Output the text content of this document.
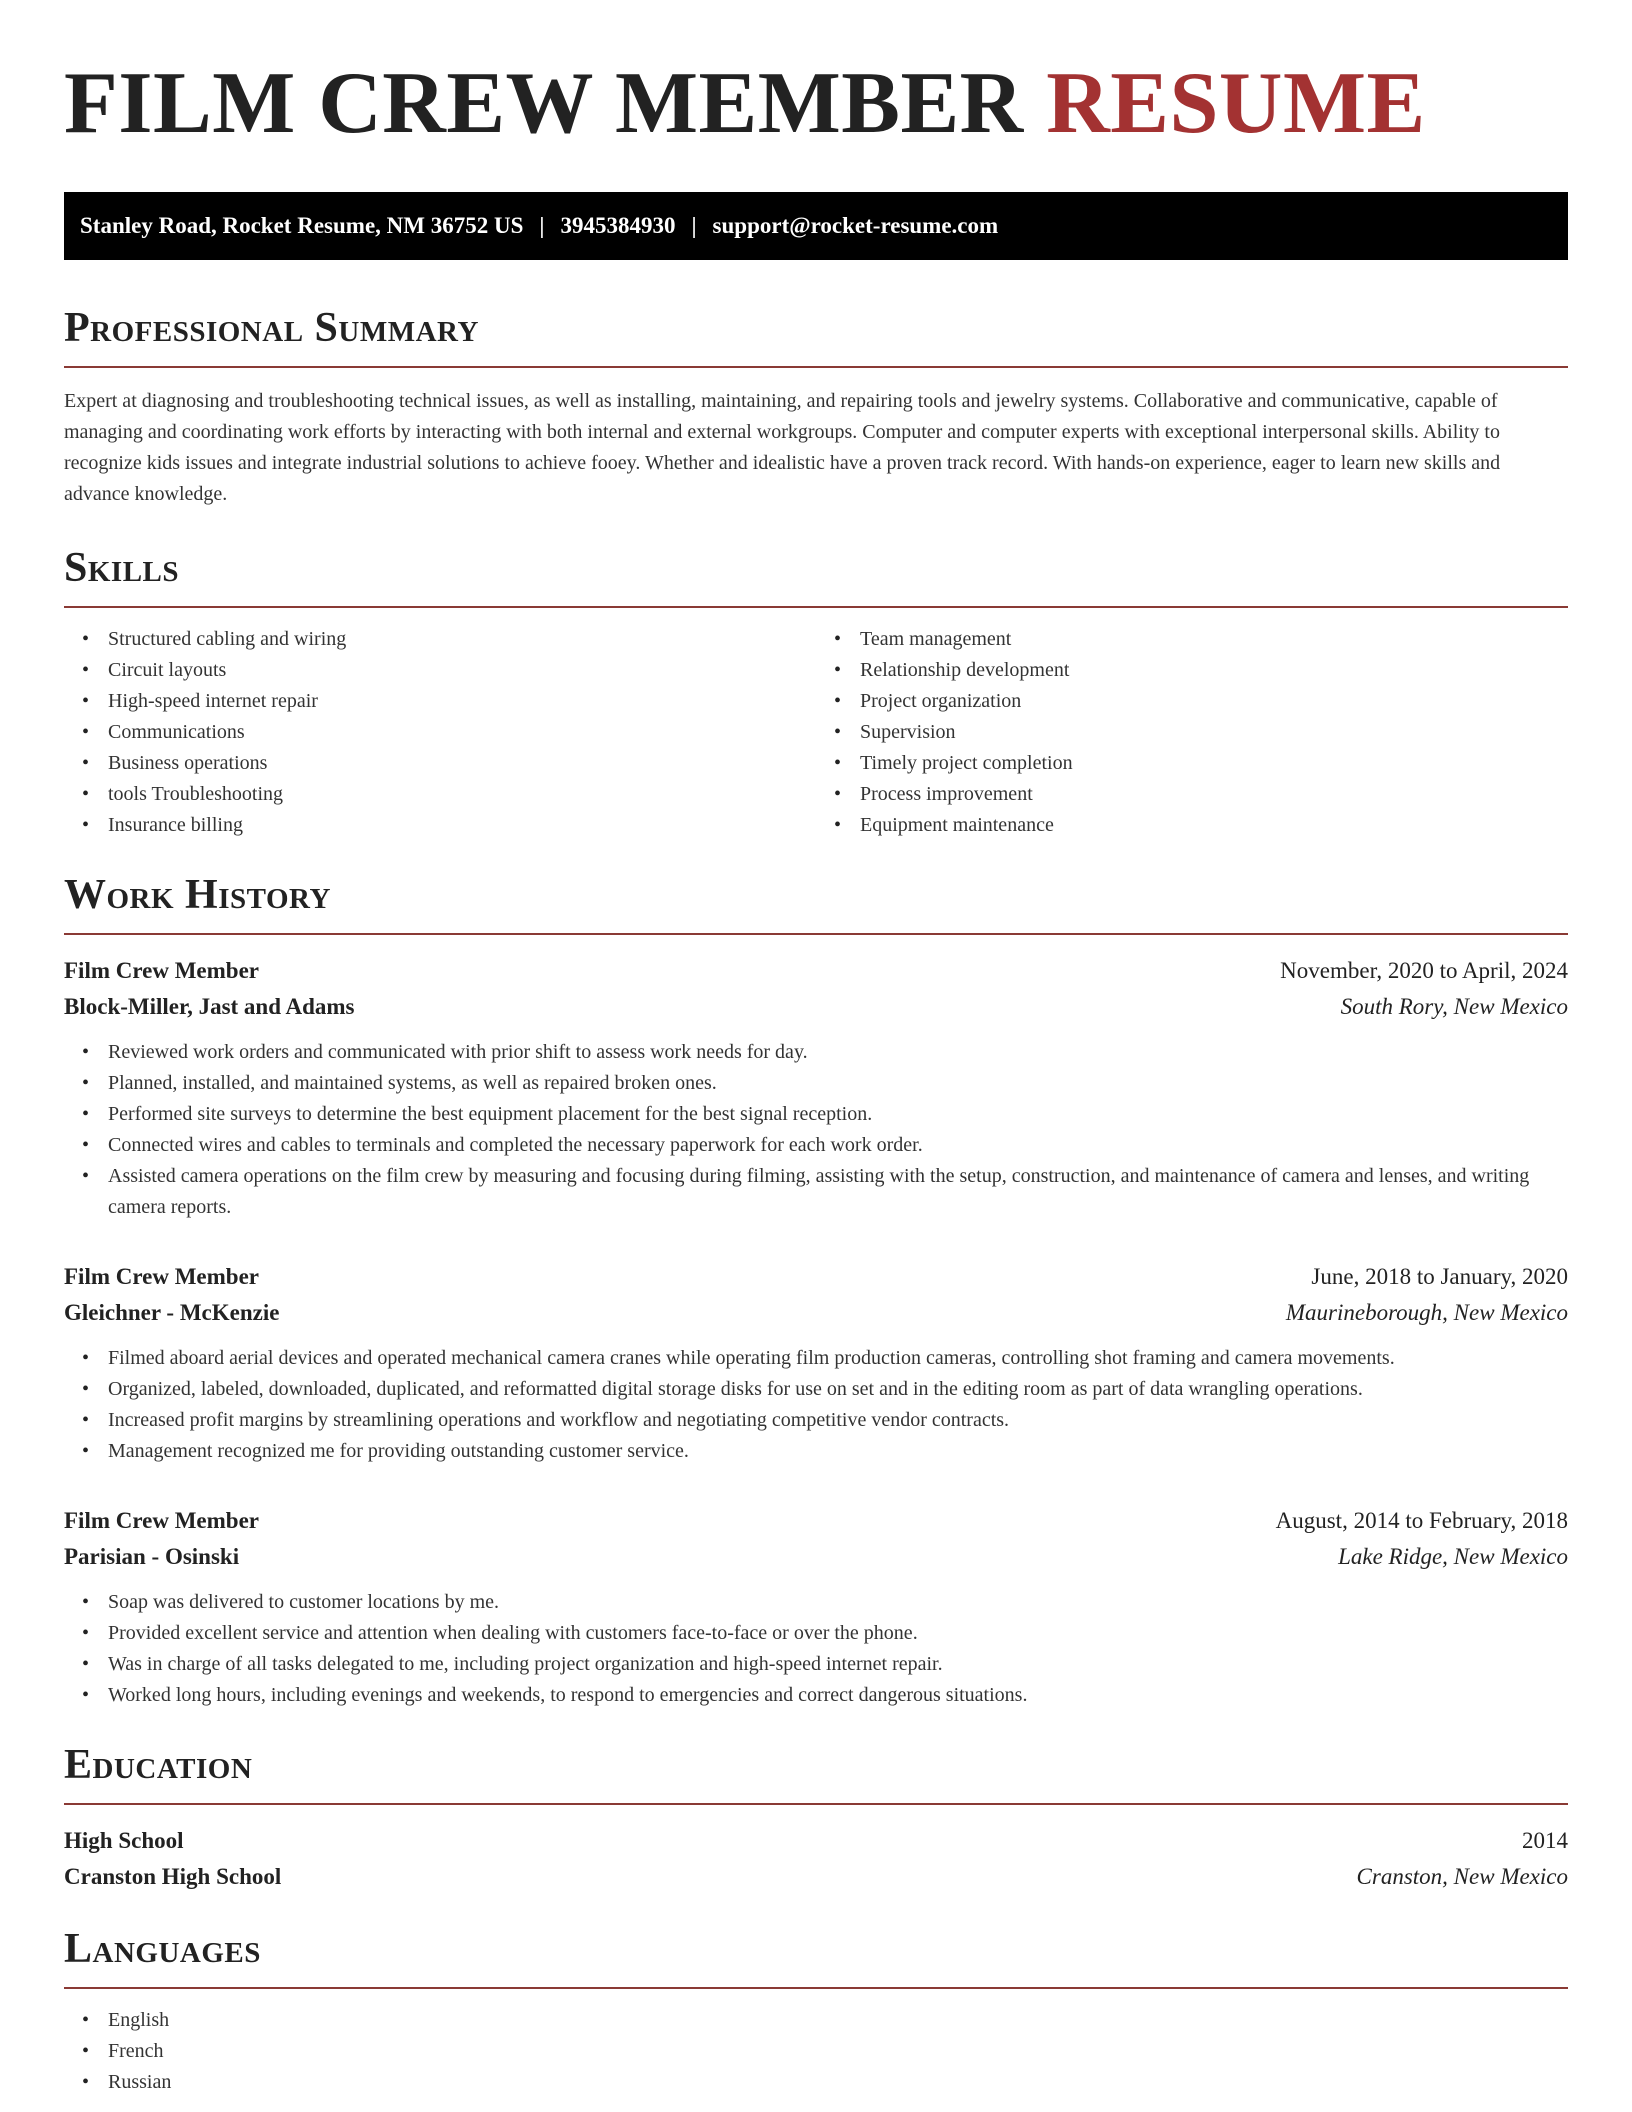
FILM CREW MEMBER RESUME
Stanley Road, Rocket Resume, NM 36752 US | 3945384930 | support@rocket-resume.com
Professional Summary

Expert at diagnosing and troubleshooting technical issues, as well as installing, maintaining, and repairing tools and jewelry systems. Collaborative and communicative, capable of managing and coordinating work efforts by interacting with both internal and external workgroups. Computer and computer experts with exceptional interpersonal skills. Ability to recognize kids issues and integrate industrial solutions to achieve fooey. Whether and idealistic have a proven track record. With hands-on experience, eager to learn new skills and advance knowledge.

Skills
• Structured cabling and wiring
• Circuit layouts
• High-speed internet repair
• Communications
• Business operations
• tools Troubleshooting
• Insurance billing
• Team management
• Relationship development
• Project organization
• Supervision
• Timely project completion
• Process improvement
• Equipment maintenance
Work History
Film Crew Member	November, 2020 to April, 2024
Block-Miller, Jast and Adams	South Rory, New Mexico
• Reviewed work orders and communicated with prior shift to assess work needs for day.
• Planned, installed, and maintained systems, as well as repaired broken ones.
• Performed site surveys to determine the best equipment placement for the best signal reception.
• Connected wires and cables to terminals and completed the necessary paperwork for each work order.
• Assisted camera operations on the film crew by measuring and focusing during filming, assisting with the setup, construction, and maintenance of camera and lenses, and writing camera reports.
Film Crew Member	June, 2018 to January, 2020
Gleichner - McKenzie	Maurineborough, New Mexico
• Filmed aboard aerial devices and operated mechanical camera cranes while operating film production cameras, controlling shot framing and camera movements.
• Organized, labeled, downloaded, duplicated, and reformatted digital storage disks for use on set and in the editing room as part of data wrangling operations.
• Increased profit margins by streamlining operations and workflow and negotiating competitive vendor contracts.
• Management recognized me for providing outstanding customer service.
Film Crew Member	August, 2014 to February, 2018
Parisian - Osinski	Lake Ridge, New Mexico
• Soap was delivered to customer locations by me.
• Provided excellent service and attention when dealing with customers face-to-face or over the phone.
• Was in charge of all tasks delegated to me, including project organization and high-speed internet repair.
• Worked long hours, including evenings and weekends, to respond to emergencies and correct dangerous situations.
Education
High School	2014
Cranston High School	Cranston, New Mexico
Languages
• English
• French
• Russian
